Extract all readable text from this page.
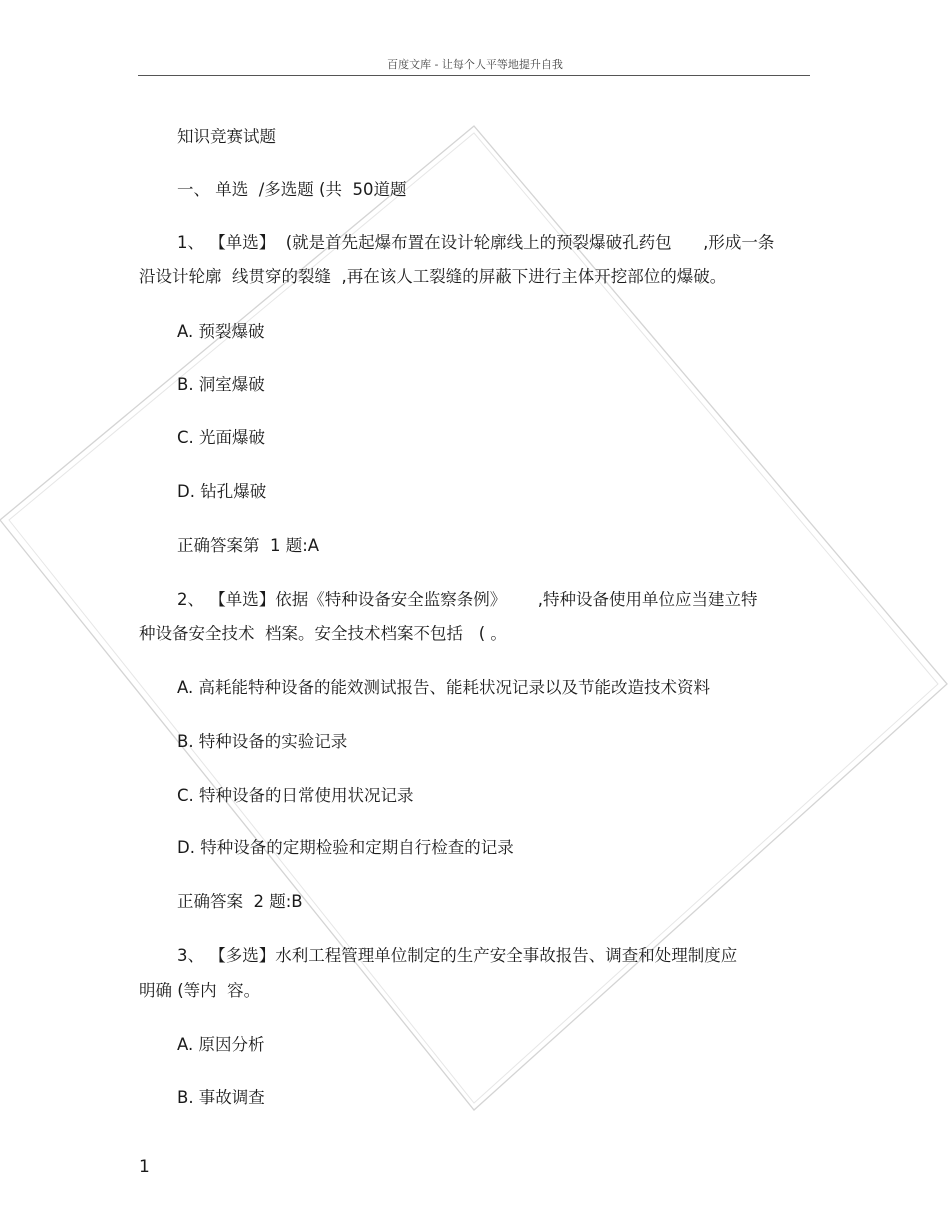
百度文库 - 让每个人平等地提升自我
知识竞赛试题
一、 单选  /多选题 (共  50道题
1、 【单选】  (就是首先起爆布置在设计轮廓线上的预裂爆破孔药包      ,形成一条
沿设计轮廓  线贯穿的裂缝  ,再在该人工裂缝的屏蔽下进行主体开挖部位的爆破。
A. 预裂爆破
B. 洞室爆破
C. 光面爆破
D. 钻孔爆破
正确答案第  1 题:A
2、 【单选】依据《特种设备安全监察条例》      ,特种设备使用单位应当建立特
种设备安全技术  档案。安全技术档案不包括   ( 。
A. 高耗能特种设备的能效测试报告、能耗状况记录以及节能改造技术资料
B. 特种设备的实验记录
C. 特种设备的日常使用状况记录
D. 特种设备的定期检验和定期自行检查的记录
正确答案  2 题:B
3、 【多选】水利工程管理单位制定的生产安全事故报告、调查和处理制度应
明确 (等内  容。
A. 原因分析
B. 事故调查
1
